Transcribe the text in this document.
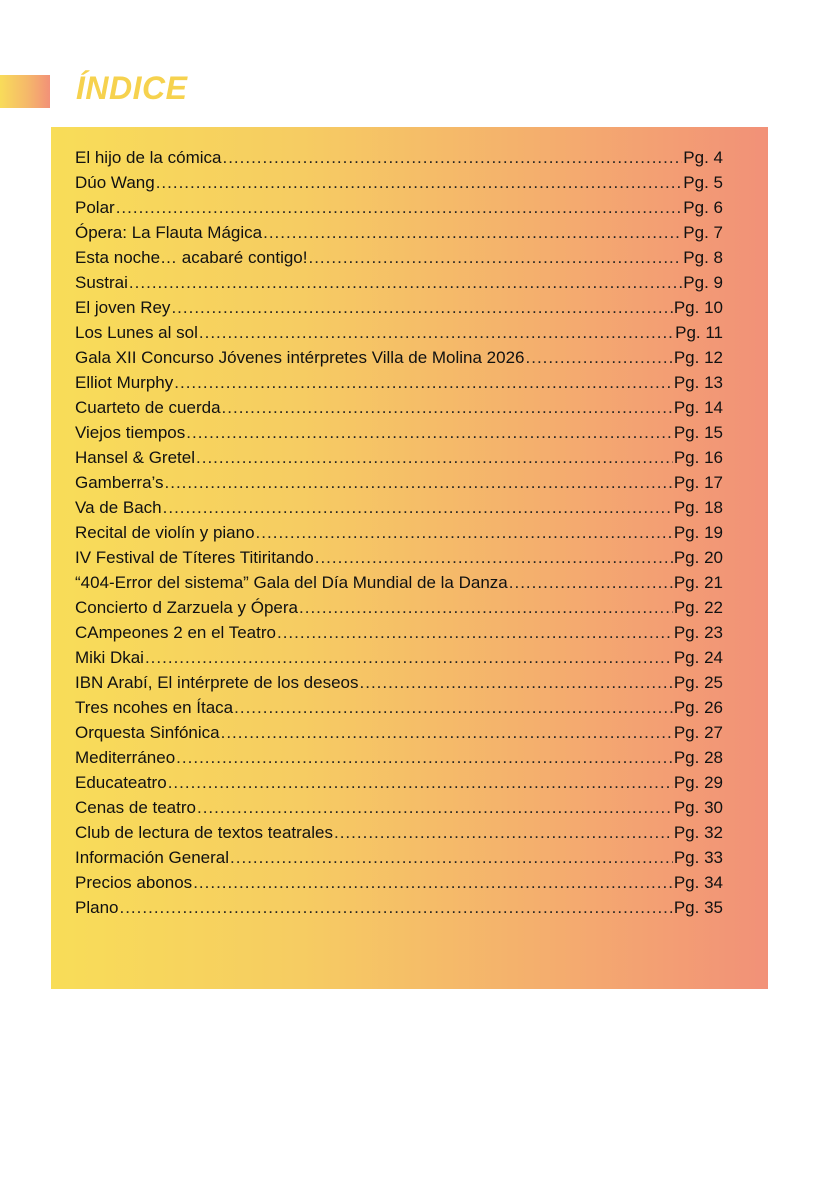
ÍNDICE
El hijo de la cómica .....	Pg. 4
Dúo Wang .....	Pg. 5
Polar .....	Pg. 6
Ópera: La Flauta Mágica .....	Pg. 7
Esta noche… acabaré contigo! .....	Pg. 8
Sustrai .....	Pg. 9
El joven Rey .....	Pg. 10
Los Lunes al sol .....	Pg. 11
Gala XII Concurso Jóvenes intérpretes Villa de Molina 2026 .....	Pg. 12
Elliot Murphy .....	Pg. 13
Cuarteto de cuerda .....	Pg. 14
Viejos tiempos .....	Pg. 15
Hansel & Gretel .....	Pg. 16
Gamberra’s .....	Pg. 17
Va de Bach .....	Pg. 18
Recital de violín y piano .....	Pg. 19
IV Festival de Títeres Titiritando .....	Pg. 20
“404-Error del sistema” Gala del Día Mundial de la Danza .....	Pg. 21
Concierto d Zarzuela y Ópera .....	Pg. 22
CAmpeones 2 en el Teatro .....	Pg. 23
Miki Dkai .....	Pg. 24
IBN Arabí, El intérprete de los deseos .....	Pg. 25
Tres ncohes en Ítaca .....	Pg. 26
Orquesta Sinfónica .....	Pg. 27
Mediterráneo .....	Pg. 28
Educateatro .....	Pg. 29
Cenas de teatro .....	Pg. 30
Club de lectura de textos teatrales .....	Pg. 32
Información General .....	Pg. 33
Precios abonos .....	Pg. 34
Plano .....	Pg. 35
